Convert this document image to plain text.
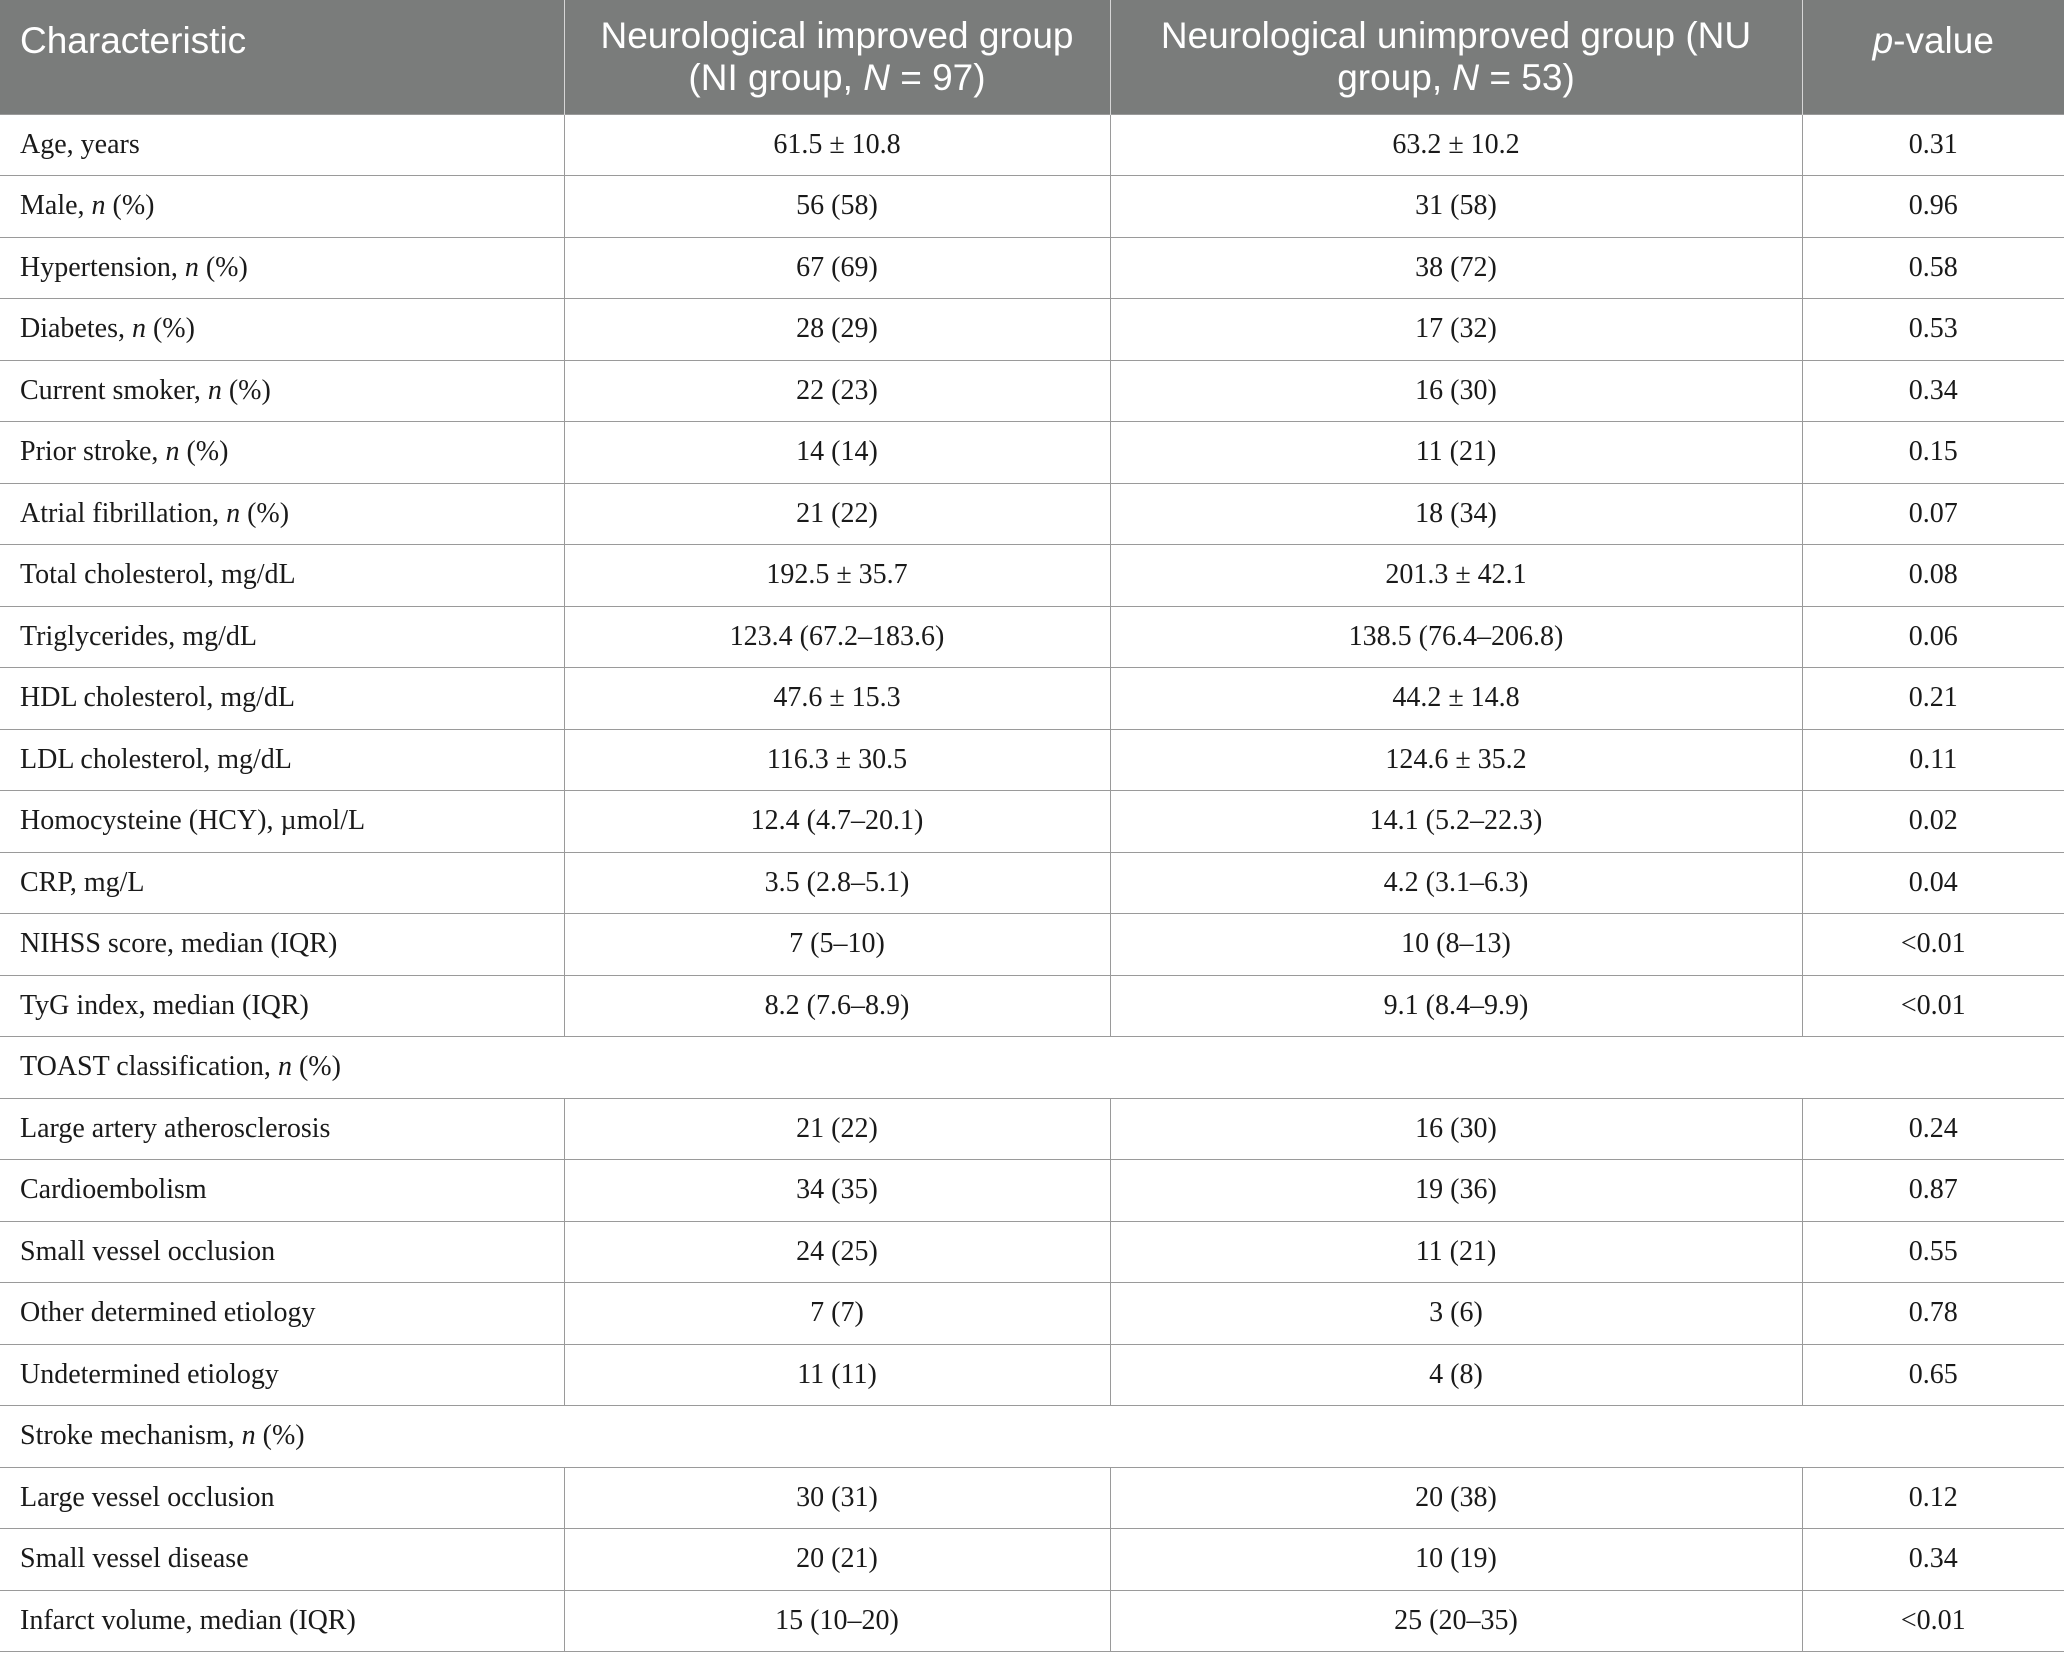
Characteristic	Neurological improved group (NI group, N = 97)	Neurological unimproved group (NU group, N = 53)	p-value
Age, years	61.5 ± 10.8	63.2 ± 10.2	0.31
Male, n (%)	56 (58)	31 (58)	0.96
Hypertension, n (%)	67 (69)	38 (72)	0.58
Diabetes, n (%)	28 (29)	17 (32)	0.53
Current smoker, n (%)	22 (23)	16 (30)	0.34
Prior stroke, n (%)	14 (14)	11 (21)	0.15
Atrial fibrillation, n (%)	21 (22)	18 (34)	0.07
Total cholesterol, mg/dL	192.5 ± 35.7	201.3 ± 42.1	0.08
Triglycerides, mg/dL	123.4 (67.2–183.6)	138.5 (76.4–206.8)	0.06
HDL cholesterol, mg/dL	47.6 ± 15.3	44.2 ± 14.8	0.21
LDL cholesterol, mg/dL	116.3 ± 30.5	124.6 ± 35.2	0.11
Homocysteine (HCY), µmol/L	12.4 (4.7–20.1)	14.1 (5.2–22.3)	0.02
CRP, mg/L	3.5 (2.8–5.1)	4.2 (3.1–6.3)	0.04
NIHSS score, median (IQR)	7 (5–10)	10 (8–13)	<0.01
TyG index, median (IQR)	8.2 (7.6–8.9)	9.1 (8.4–9.9)	<0.01
TOAST classification, n (%)			
Large artery atherosclerosis	21 (22)	16 (30)	0.24
Cardioembolism	34 (35)	19 (36)	0.87
Small vessel occlusion	24 (25)	11 (21)	0.55
Other determined etiology	7 (7)	3 (6)	0.78
Undetermined etiology	11 (11)	4 (8)	0.65
Stroke mechanism, n (%)			
Large vessel occlusion	30 (31)	20 (38)	0.12
Small vessel disease	20 (21)	10 (19)	0.34
Infarct volume, median (IQR)	15 (10–20)	25 (20–35)	<0.01
